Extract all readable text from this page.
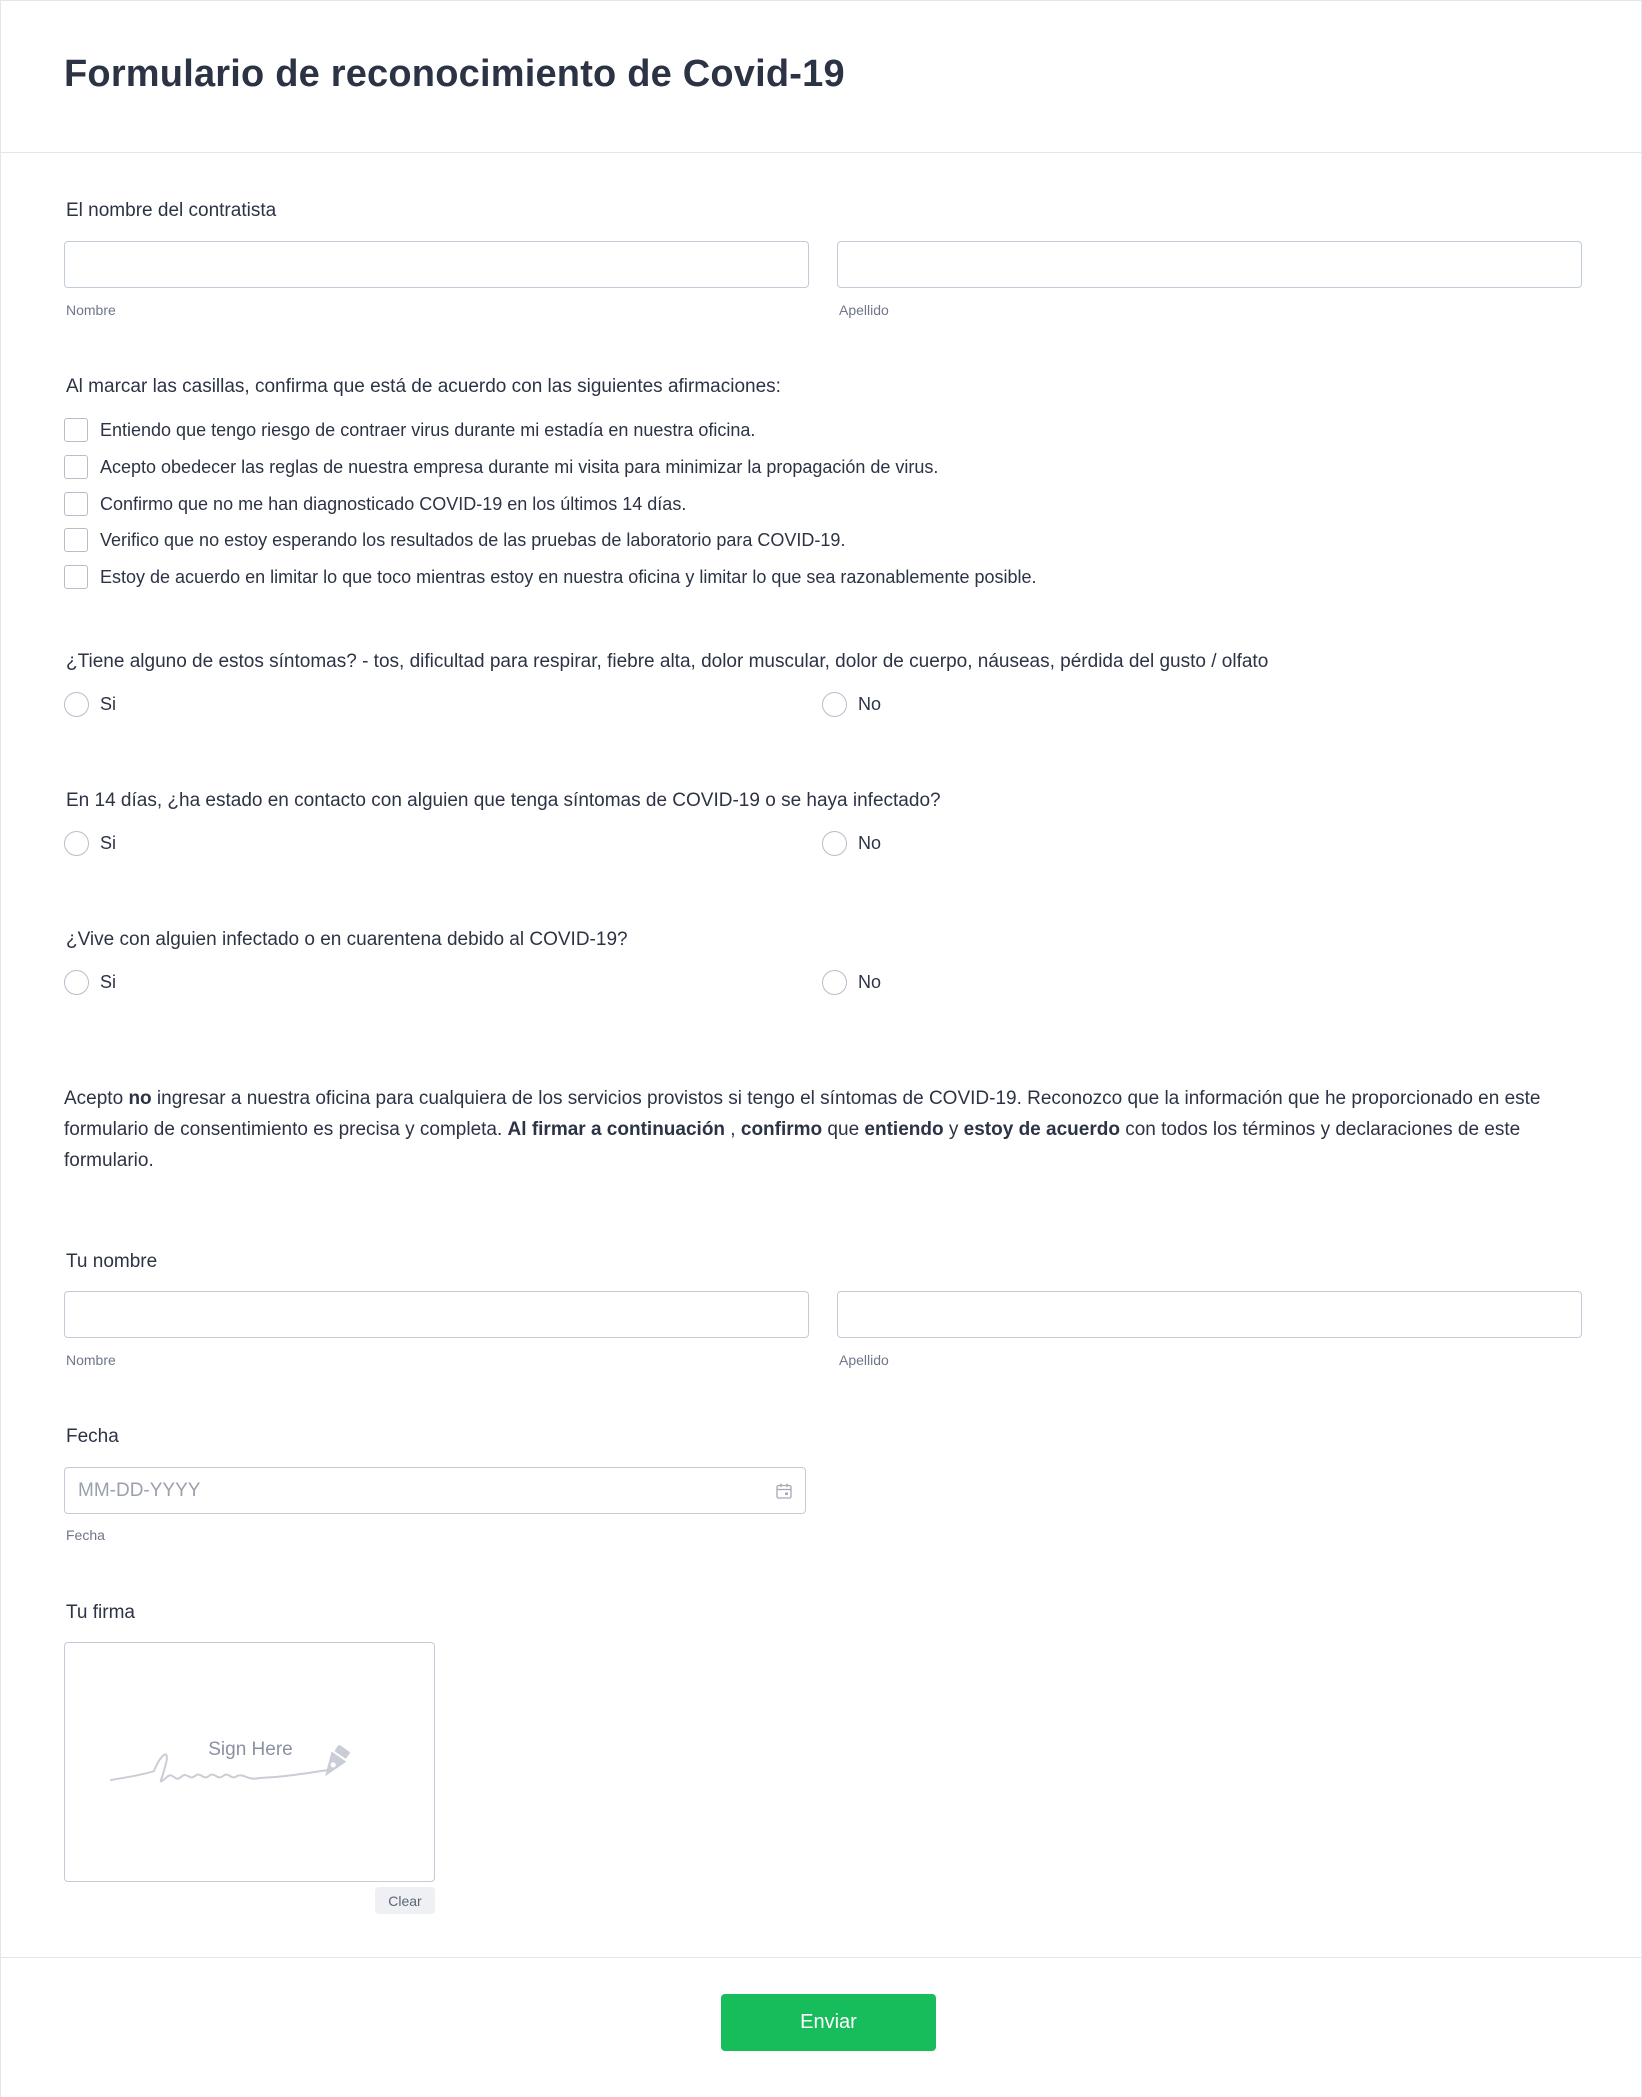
Formulario de reconocimiento de Covid-19
El nombre del contratista
Nombre	Apellido
Al marcar las casillas, confirma que está de acuerdo con las siguientes afirmaciones:
Entiendo que tengo riesgo de contraer virus durante mi estadía en nuestra oficina.
Acepto obedecer las reglas de nuestra empresa durante mi visita para minimizar la propagación de virus.
Confirmo que no me han diagnosticado COVID-19 en los últimos 14 días.
Verifico que no estoy esperando los resultados de las pruebas de laboratorio para COVID-19.
Estoy de acuerdo en limitar lo que toco mientras estoy en nuestra oficina y limitar lo que sea razonablemente posible.
¿Tiene alguno de estos síntomas? - tos, dificultad para respirar, fiebre alta, dolor muscular, dolor de cuerpo, náuseas, pérdida del gusto / olfato
Si	No
En 14 días, ¿ha estado en contacto con alguien que tenga síntomas de COVID-19 o se haya infectado?
Si	No
¿Vive con alguien infectado o en cuarentena debido al COVID-19?
Si	No
Acepto no ingresar a nuestra oficina para cualquiera de los servicios provistos si tengo el síntomas de COVID-19. Reconozco que la información que he proporcionado en este formulario de consentimiento es precisa y completa. Al firmar a continuación , confirmo que entiendo y estoy de acuerdo con todos los términos y declaraciones de este formulario.
Tu nombre
Nombre	Apellido
Fecha
MM-DD-YYYY
Fecha
Tu firma
Sign Here
Clear
Enviar
